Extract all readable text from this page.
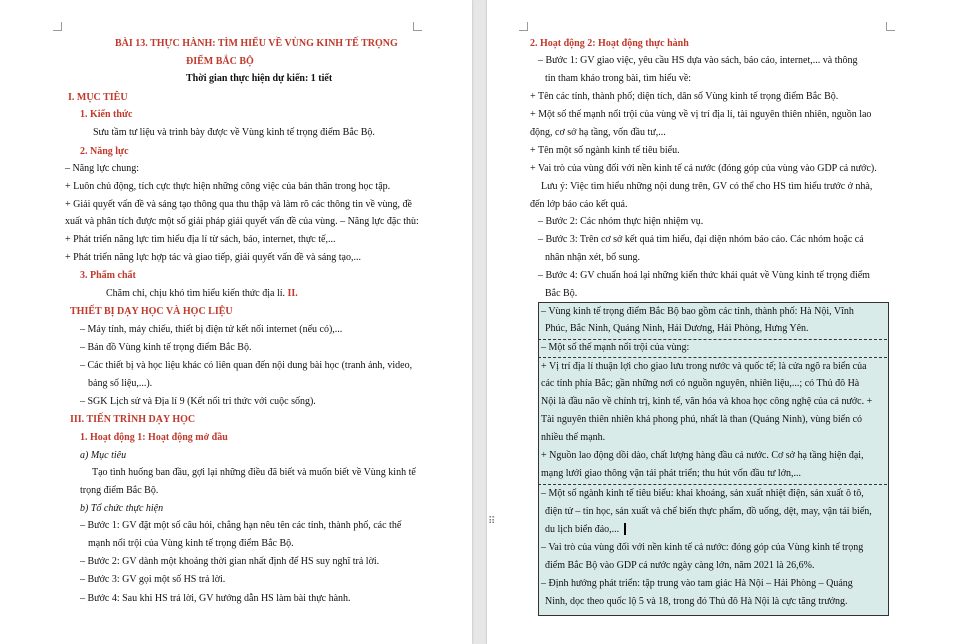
BÀI 13. THỰC HÀNH: TÌM HIỂU VỀ VÙNG KINH TẾ TRỌNG
ĐIỂM BẮC BỘ
Thời gian thực hiện dự kiến: 1 tiết
I. MỤC TIÊU
1. Kiến thức
Sưu tầm tư liệu và trình bày được về Vùng kinh tế trọng điểm Bắc Bộ.
2. Năng lực
– Năng lực chung:
+ Luôn chủ động, tích cực thực hiện những công việc của bản thân trong học tập.
+ Giải quyết vấn đề và sáng tạo thông qua thu thập và làm rõ các thông tin về vùng, đề
xuất và phân tích được một số giải pháp giải quyết vấn đề của vùng. – Năng lực đặc thù:
+ Phát triển năng lực tìm hiểu địa lí từ sách, báo, internet, thực tế,...
+ Phát triển năng lực hợp tác và giao tiếp, giải quyết vấn đề và sáng tạo,...
3. Phẩm chất
Chăm chỉ, chịu khó tìm hiểu kiến thức địa lí. II.
THIẾT BỊ DẠY HỌC VÀ HỌC LIỆU
– Máy tính, máy chiếu, thiết bị điện tử kết nối internet (nếu có),...
– Bản đồ Vùng kinh tế trọng điểm Bắc Bộ.
– Các thiết bị và học liệu khác có liên quan đến nội dung bài học (tranh ảnh, video,
bảng số liệu,...).
– SGK Lịch sử và Địa lí 9 (Kết nối tri thức với cuộc sống).
III. TIẾN TRÌNH DẠY HỌC
1. Hoạt động 1: Hoạt động mở đầu
a) Mục tiêu
Tạo tình huống ban đầu, gợi lại những điều đã biết và muốn biết về Vùng kinh tế
trọng điểm Bắc Bộ.
b) Tổ chức thực hiện
– Bước 1: GV đặt một số câu hỏi, chẳng hạn nêu tên các tỉnh, thành phố, các thế
mạnh nổi trội của Vùng kinh tế trọng điểm Bắc Bộ.
– Bước 2: GV dành một khoảng thời gian nhất định để HS suy nghĩ trả lời.
– Bước 3: GV gọi một số HS trả lời.
– Bước 4: Sau khi HS trả lời, GV hướng dẫn HS làm bài thực hành.
2. Hoạt động 2: Hoạt động thực hành
– Bước 1: GV giao việc, yêu cầu HS dựa vào sách, báo cáo, internet,... và thông
tin tham khảo trong bài, tìm hiểu về:
+ Tên các tỉnh, thành phố; diện tích, dân số Vùng kinh tế trọng điểm Bắc Bộ.
+ Một số thế mạnh nổi trội của vùng về vị trí địa lí, tài nguyên thiên nhiên, nguồn lao
động, cơ sở hạ tầng, vốn đầu tư,...
+ Tên một số ngành kinh tế tiêu biểu.
+ Vai trò của vùng đối với nền kinh tế cả nước (đóng góp của vùng vào GDP cả nước).
Lưu ý: Việc tìm hiểu những nội dung trên, GV có thể cho HS tìm hiểu trước ở nhà,
đến lớp báo cáo kết quả.
– Bước 2: Các nhóm thực hiện nhiệm vụ.
– Bước 3: Trên cơ sở kết quả tìm hiểu, đại diện nhóm báo cáo. Các nhóm hoặc cá
nhân nhận xét, bổ sung.
– Bước 4: GV chuẩn hoá lại những kiến thức khái quát về Vùng kinh tế trọng điểm
Bắc Bộ.
– Vùng kinh tế trọng điểm Bắc Bộ bao gồm các tỉnh, thành phố: Hà Nội, Vĩnh
Phúc, Bắc Ninh, Quảng Ninh, Hải Dương, Hải Phòng, Hưng Yên.
– Một số thế mạnh nổi trội của vùng:
+ Vị trí địa lí thuận lợi cho giao lưu trong nước và quốc tế; là cửa ngõ ra biển của
các tỉnh phía Bắc; gần những nơi có nguồn nguyên, nhiên liệu,...; có Thủ đô Hà
Nội là đầu não về chính trị, kinh tế, văn hóa và khoa học công nghệ của cả nước. +
Tài nguyên thiên nhiên khá phong phú, nhất là than (Quảng Ninh), vùng biển có
nhiều thế mạnh.
+ Nguồn lao động dồi dào, chất lượng hàng đầu cả nước. Cơ sở hạ tầng hiện đại,
mạng lưới giao thông vận tải phát triển; thu hút vốn đầu tư lớn,...
– Một số ngành kinh tế tiêu biểu: khai khoáng, sản xuất nhiệt điện, sản xuất ô tô,
điện tử – tin học, sản xuất và chế biến thực phẩm, đồ uống, dệt, may, vận tải biển,
du lịch biển đảo,...
– Vai trò của vùng đối với nền kinh tế cả nước: đóng góp của Vùng kinh tế trọng
điểm Bắc Bộ vào GDP cả nước ngày càng lớn, năm 2021 là 26,6%.
– Định hướng phát triển: tập trung vào tam giác Hà Nội – Hải Phòng – Quảng
Ninh, dọc theo quốc lộ 5 và 18, trong đó Thủ đô Hà Nội là cực tăng trưởng.
⠿
